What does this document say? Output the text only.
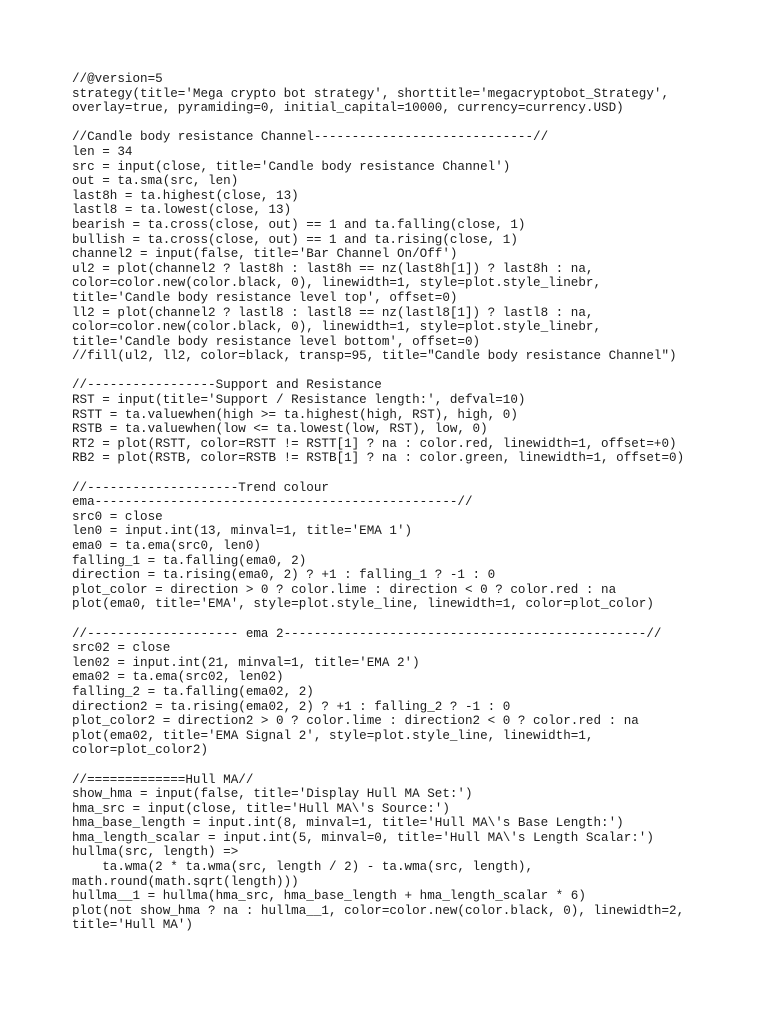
//@version=5
strategy(title='Mega crypto bot strategy', shorttitle='megacryptobot_Strategy',
overlay=true, pyramiding=0, initial_capital=10000, currency=currency.USD)

//Candle body resistance Channel-----------------------------//
len = 34
src = input(close, title='Candle body resistance Channel')
out = ta.sma(src, len)
last8h = ta.highest(close, 13)
lastl8 = ta.lowest(close, 13)
bearish = ta.cross(close, out) == 1 and ta.falling(close, 1)
bullish = ta.cross(close, out) == 1 and ta.rising(close, 1)
channel2 = input(false, title='Bar Channel On/Off')
ul2 = plot(channel2 ? last8h : last8h == nz(last8h[1]) ? last8h : na,
color=color.new(color.black, 0), linewidth=1, style=plot.style_linebr,
title='Candle body resistance level top', offset=0)
ll2 = plot(channel2 ? lastl8 : lastl8 == nz(lastl8[1]) ? lastl8 : na,
color=color.new(color.black, 0), linewidth=1, style=plot.style_linebr,
title='Candle body resistance level bottom', offset=0)
//fill(ul2, ll2, color=black, transp=95, title="Candle body resistance Channel")

//-----------------Support and Resistance
RST = input(title='Support / Resistance length:', defval=10)
RSTT = ta.valuewhen(high >= ta.highest(high, RST), high, 0)
RSTB = ta.valuewhen(low <= ta.lowest(low, RST), low, 0)
RT2 = plot(RSTT, color=RSTT != RSTT[1] ? na : color.red, linewidth=1, offset=+0)
RB2 = plot(RSTB, color=RSTB != RSTB[1] ? na : color.green, linewidth=1, offset=0)

//--------------------Trend colour
ema------------------------------------------------//
src0 = close
len0 = input.int(13, minval=1, title='EMA 1')
ema0 = ta.ema(src0, len0)
falling_1 = ta.falling(ema0, 2)
direction = ta.rising(ema0, 2) ? +1 : falling_1 ? -1 : 0
plot_color = direction > 0 ? color.lime : direction < 0 ? color.red : na
plot(ema0, title='EMA', style=plot.style_line, linewidth=1, color=plot_color)

//-------------------- ema 2------------------------------------------------//
src02 = close
len02 = input.int(21, minval=1, title='EMA 2')
ema02 = ta.ema(src02, len02)
falling_2 = ta.falling(ema02, 2)
direction2 = ta.rising(ema02, 2) ? +1 : falling_2 ? -1 : 0
plot_color2 = direction2 > 0 ? color.lime : direction2 < 0 ? color.red : na
plot(ema02, title='EMA Signal 2', style=plot.style_line, linewidth=1,
color=plot_color2)

//=============Hull MA//
show_hma = input(false, title='Display Hull MA Set:')
hma_src = input(close, title='Hull MA\'s Source:')
hma_base_length = input.int(8, minval=1, title='Hull MA\'s Base Length:')
hma_length_scalar = input.int(5, minval=0, title='Hull MA\'s Length Scalar:')
hullma(src, length) =>
ta.wma(2 * ta.wma(src, length / 2) - ta.wma(src, length),
math.round(math.sqrt(length)))
hullma__1 = hullma(hma_src, hma_base_length + hma_length_scalar * 6)
plot(not show_hma ? na : hullma__1, color=color.new(color.black, 0), linewidth=2,
title='Hull MA')
